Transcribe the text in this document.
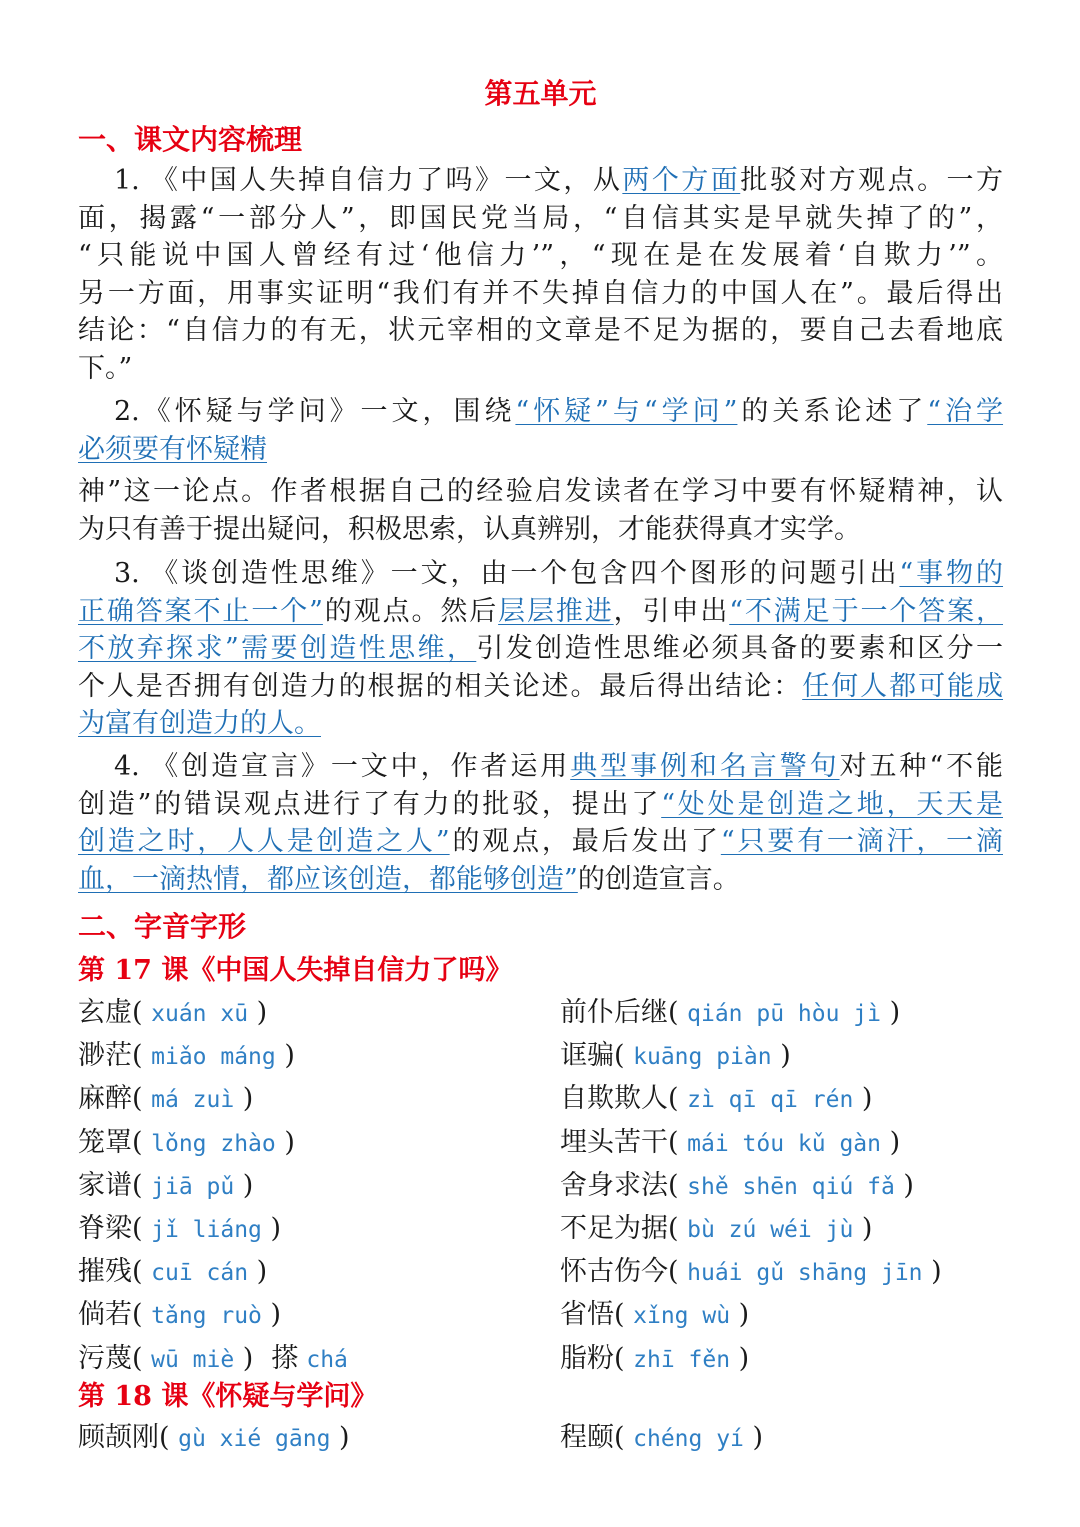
第五单元
一、课文内容梳理
1. 《中国人失掉自信力了吗》一文，从两个方面批驳对方观点。一方
面，揭露“一部分人”，即国民党当局，“自信其实是早就失掉了的”，
“只能说中国人曾经有过‘他信力’”，“现在是在发展着‘自欺力’”。
另一方面，用事实证明“我们有并不失掉自信力的中国人在”。最后得出
结论：“自信力的有无，状元宰相的文章是不足为据的，要自己去看地底
下。”
2.《怀疑与学问》一文，围绕“怀疑”与“学问”的关系论述了“治学
必须要有怀疑精
神”这一论点。作者根据自己的经验启发读者在学习中要有怀疑精神，认
为只有善于提出疑问，积极思索，认真辨别，才能获得真才实学。
3. 《谈创造性思维》一文，由一个包含四个图形的问题引出“事物的
正确答案不止一个”的观点。然后层层推进，引申出“不满足于一个答案，
不放弃探求”需要创造性思维，引发创造性思维必须具备的要素和区分一
个人是否拥有创造力的根据的相关论述。最后得出结论：任何人都可能成
为富有创造力的人。
4. 《创造宣言》一文中，作者运用典型事例和名言警句对五种“不能
创造”的错误观点进行了有力的批驳，提出了“处处是创造之地，天天是
创造之时，人人是创造之人”的观点，最后发出了“只要有一滴汗，一滴
血，一滴热情，都应该创造，都能够创造”的创造宣言。
二、字音字形
第 17 课《中国人失掉自信力了吗》
玄虚( xuán xū )
渺茫( miǎo máng )
麻醉( má zuì )
笼罩( lǒng zhào )
家谱( jiā pǔ )
脊梁( jǐ liáng )
摧残( cuī cán )
倘若( tǎng ruò )
污蔑( wū miè ) 搽 chá
前仆后继( qián pū hòu jì )
诓骗( kuāng piàn )
自欺欺人( zì qī qī rén )
埋头苦干( mái tóu kǔ gàn )
舍身求法( shě shēn qiú fǎ )
不足为据( bù zú wéi jù )
怀古伤今( huái gǔ shāng jīn )
省悟( xǐng wù )
脂粉( zhī fěn )
第 18 课《怀疑与学问》
顾颉刚( gù xié gāng )	程颐( chéng yí )
